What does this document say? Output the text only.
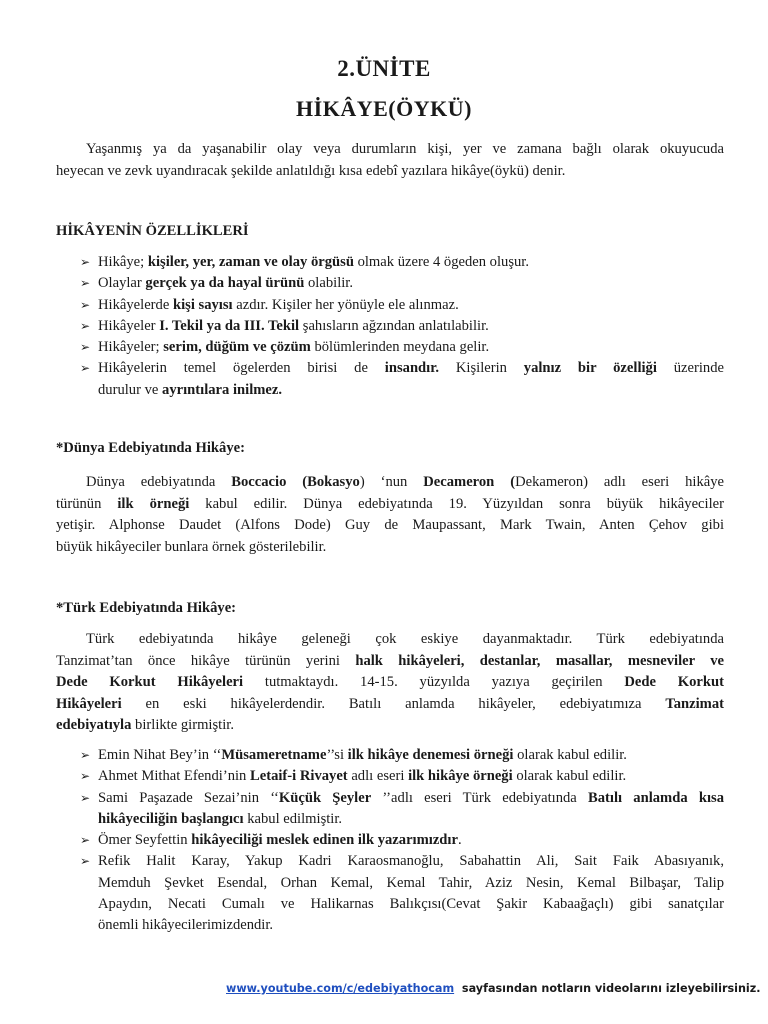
2.ÜNİTE
HİKÂYE(ÖYKÜ)
Yaşanmış ya da yaşanabilir olay veya durumların kişi, yer ve zamana bağlı olarak okuyucuda
heyecan ve zevk uyandıracak şekilde anlatıldığı kısa edebî yazılara hikâye(öykü) denir.
HİKÂYENİN ÖZELLİKLERİ
➢ Hikâye; kişiler, yer, zaman ve olay örgüsü olmak üzere 4 ögeden oluşur.
➢ Olaylar gerçek ya da hayal ürünü olabilir.
➢ Hikâyelerde kişi sayısı azdır. Kişiler her yönüyle ele alınmaz.
➢ Hikâyeler I. Tekil ya da III. Tekil şahısların ağzından anlatılabilir.
➢ Hikâyeler; serim, düğüm ve çözüm bölümlerinden meydana gelir.
➢ Hikâyelerin temel ögelerden birisi de insandır. Kişilerin yalnız bir özelliği üzerinde
durulur ve ayrıntılara inilmez.
*Dünya Edebiyatında Hikâye:
Dünya edebiyatında Boccacio (Bokasyo) ‘nun Decameron (Dekameron) adlı eseri hikâye
türünün ilk örneği kabul edilir. Dünya edebiyatında 19. Yüzyıldan sonra büyük hikâyeciler
yetişir. Alphonse Daudet (Alfons Dode) Guy de Maupassant, Mark Twain, Anten Çehov gibi
büyük hikâyeciler bunlara örnek gösterilebilir.
*Türk Edebiyatında Hikâye:
Türk edebiyatında hikâye geleneği çok eskiye dayanmaktadır. Türk edebiyatında
Tanzimat’tan önce hikâye türünün yerini halk hikâyeleri, destanlar, masallar, mesneviler ve
Dede Korkut Hikâyeleri tutmaktaydı. 14-15. yüzyılda yazıya geçirilen Dede Korkut
Hikâyeleri en eski hikâyelerdendir. Batılı anlamda hikâyeler, edebiyatımıza Tanzimat
edebiyatıyla birlikte girmiştir.
➢ Emin Nihat Bey’in ‘‘Müsameretname’’si ilk hikâye denemesi örneği olarak kabul edilir.
➢ Ahmet Mithat Efendi’nin Letaif-i Rivayet adlı eseri ilk hikâye örneği olarak kabul edilir.
➢ Sami Paşazade Sezai’nin ‘‘Küçük Şeyler ’’adlı eseri Türk edebiyatında Batılı anlamda kısa
hikâyeciliğin başlangıcı kabul edilmiştir.
➢ Ömer Seyfettin hikâyeciliği meslek edinen ilk yazarımızdır.
➢ Refik Halit Karay, Yakup Kadri Karaosmanoğlu, Sabahattin Ali, Sait Faik Abasıyanık,
Memduh Şevket Esendal, Orhan Kemal, Kemal Tahir, Aziz Nesin, Kemal Bilbaşar, Talip
Apaydın, Necati Cumalı ve Halikarnas Balıkçısı(Cevat Şakir Kabaağaçlı) gibi sanatçılar
önemli hikâyecilerimizdendir.
www.youtube.com/c/edebiyathocam  sayfasından notların videolarını izleyebilirsiniz.
